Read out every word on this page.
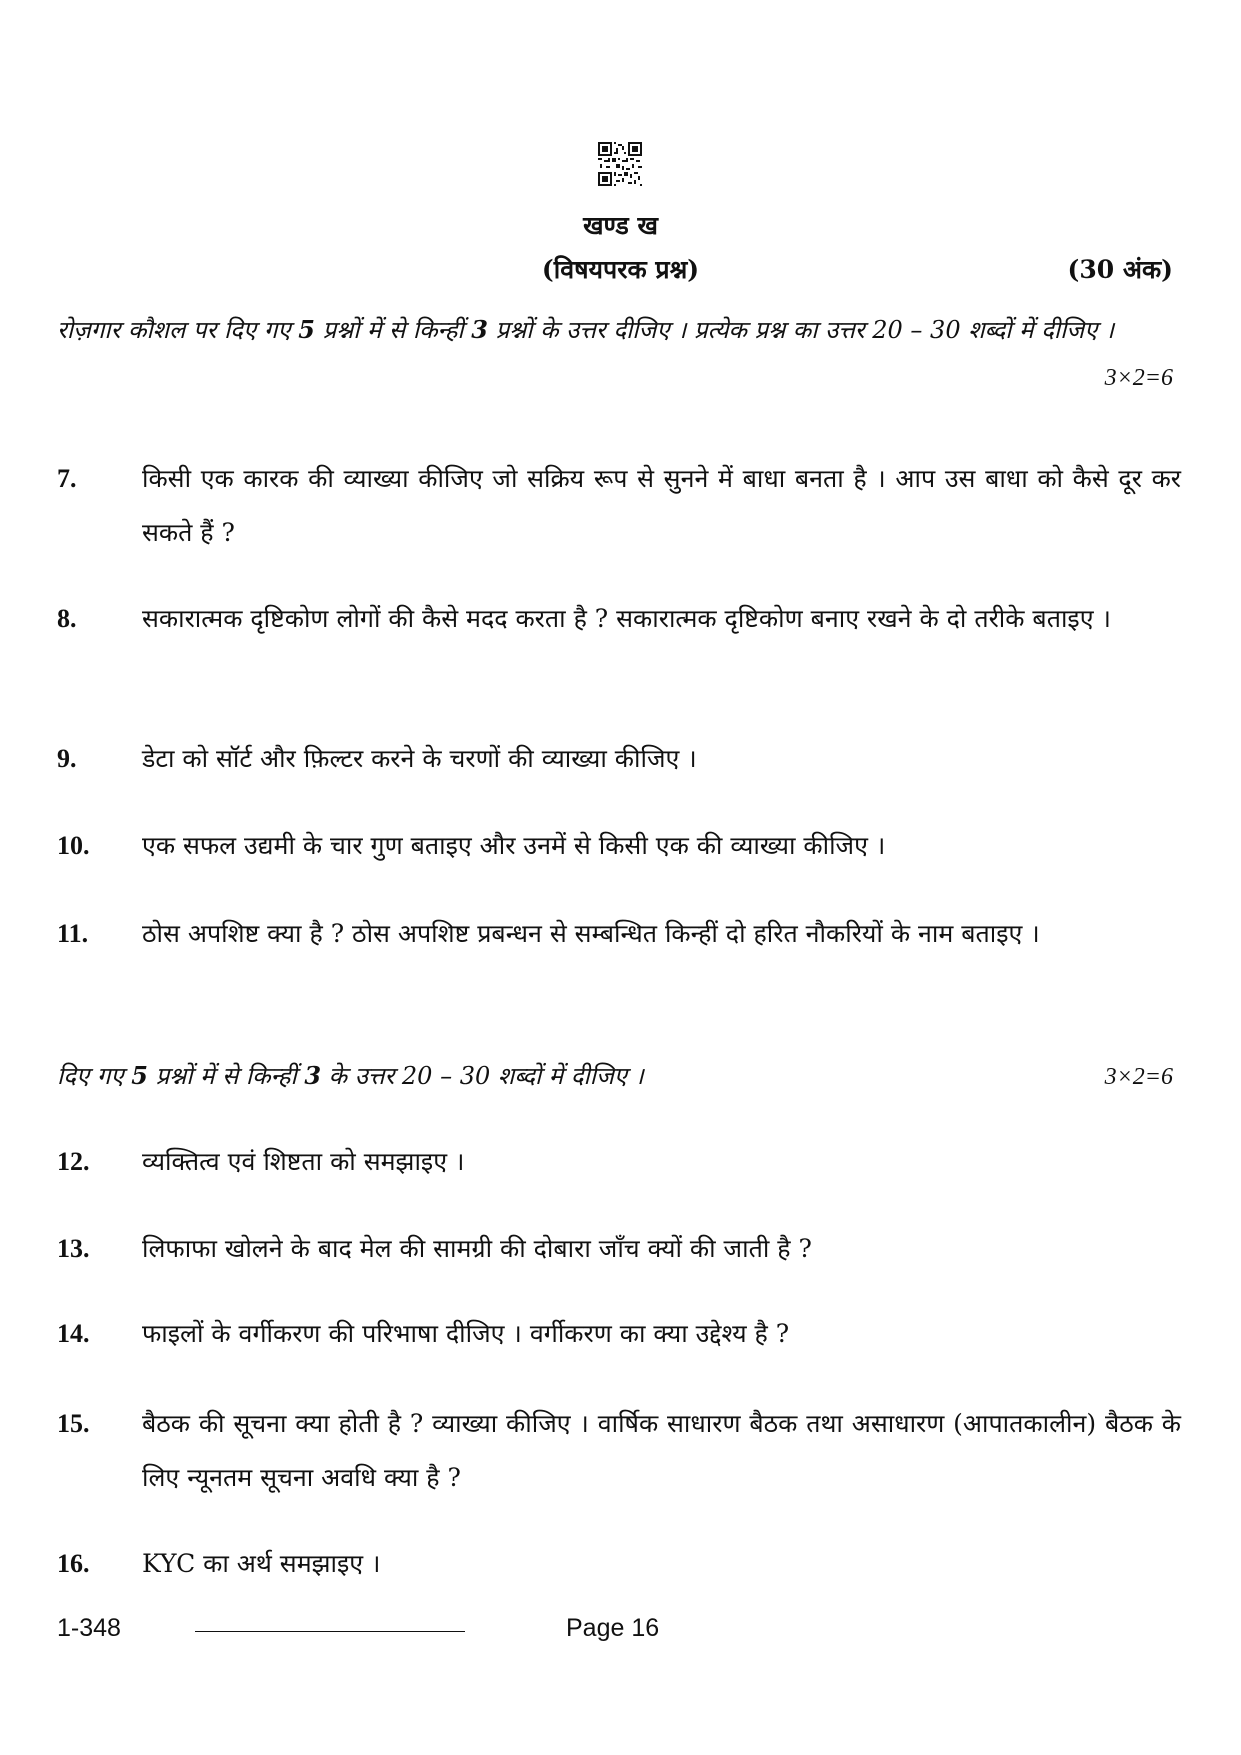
खण्ड ख
(विषयपरक प्रश्न)	(30 अंक)
रोज़गार कौशल पर दिए गए 5 प्रश्नों में से किन्हीं 3 प्रश्नों के उत्तर दीजिए । प्रत्येक प्रश्न का उत्तर 20 – 30 शब्दों में दीजिए ।
3×2=6
7.	किसी एक कारक की व्याख्या कीजिए जो सक्रिय रूप से सुनने में बाधा बनता है । आप उस बाधा को कैसे दूर कर सकते हैं ?
8.	सकारात्मक दृष्टिकोण लोगों की कैसे मदद करता है ? सकारात्मक दृष्टिकोण बनाए रखने के दो तरीके बताइए ।
9.	डेटा को सॉर्ट और फ़िल्टर करने के चरणों की व्याख्या कीजिए ।
10. एक सफल उद्यमी के चार गुण बताइए और उनमें से किसी एक की व्याख्या कीजिए ।
11. ठोस अपशिष्ट क्या है ? ठोस अपशिष्ट प्रबन्धन से सम्बन्धित किन्हीं दो हरित नौकरियों के नाम बताइए ।
दिए गए 5 प्रश्नों में से किन्हीं 3 के उत्तर 20 – 30 शब्दों में दीजिए ।	3×2=6
12. व्यक्तित्व एवं शिष्टता को समझाइए ।
13. लिफाफा खोलने के बाद मेल की सामग्री की दोबारा जाँच क्यों की जाती है ?
14. फाइलों के वर्गीकरण की परिभाषा दीजिए । वर्गीकरण का क्या उद्देश्य है ?
15. बैठक की सूचना क्या होती है ? व्याख्या कीजिए । वार्षिक साधारण बैठक तथा असाधारण (आपातकालीन) बैठक के लिए न्यूनतम सूचना अवधि क्या है ?
16. KYC का अर्थ समझाइए ।
1-348	Page 16
